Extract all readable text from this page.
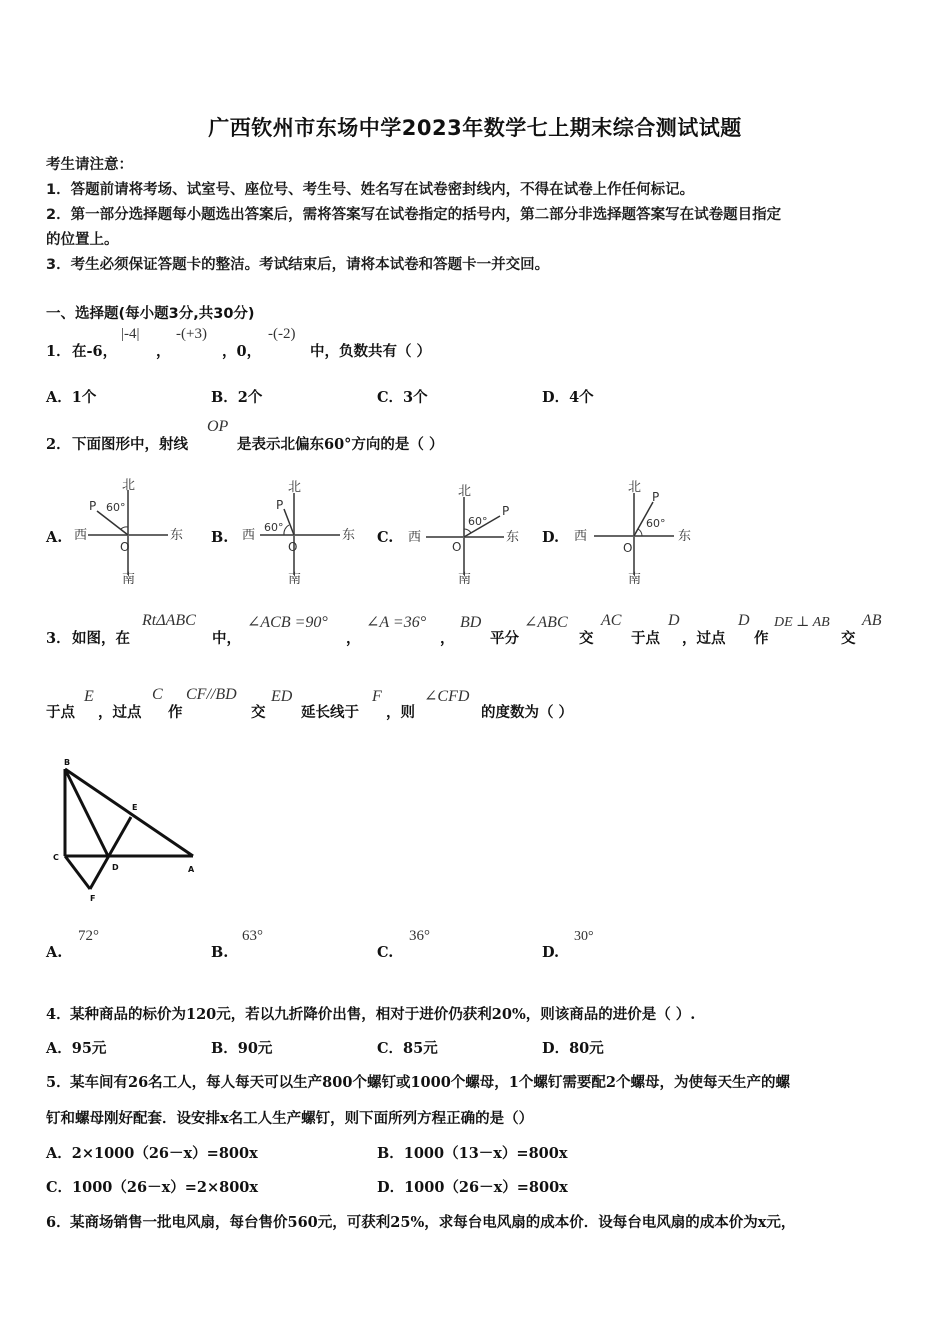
广西钦州市东场中学2023年数学七上期末综合测试试题
考生请注意：
1．答题前请将考场、试室号、座位号、考生号、姓名写在试卷密封线内，不得在试卷上作任何标记。
2．第一部分选择题每小题选出答案后，需将答案写在试卷指定的括号内，第二部分非选择题答案写在试卷题目指定
的位置上。
3．考生必须保证答题卡的整洁。考试结束后，请将本试卷和答题卡一并交回。
一、选择题(每小题3分,共30分)
1． 在-6，
|-4|
，
-(+3)
，0，
-(-2)
中，负数共有（ ）
A．1个	B．2个	C．3个	D．4个
2． 下面图形中，射线
OP
是表示北偏东60°方向的是（ ）
A.
北
南
西	东
O
P 60°
B.
北
南
西	东
O
P
60°
C.
北
南
西	东
O
P
60°
D.
北
南
西	东
O
P
60°
3． 如图，在
RtΔABC
中，
∠ACB =90°
，
∠A =36°
，
BD
平分
∠ABC
交
AC
于点
D
，过点
D
作
DE ⊥ AB
交
AB
于点
E
，过点
C
作
CF//BD
交
ED
延长线于
F
，则
∠CFD
的度数为（ ）
B
E
C
D	A
F
A.
72°
B.
63°
C.
36°
D.
30°
4． 某种商品的标价为120元，若以九折降价出售，相对于进价仍获利20%，则该商品的进价是（ ）.
A．95元	B．90元	C．85元	D．80元
5． 某车间有26名工人，每人每天可以生产800个螺钉或1000个螺母，1个螺钉需要配2个螺母，为使每天生产的螺
钉和螺母刚好配套．设安排x名工人生产螺钉，则下面所列方程正确的是（）
A．2×1000（26－x）=800x	B．1000（13－x）=800x
C．1000（26－x）=2×800x	D．1000（26－x）=800x
6． 某商场销售一批电风扇，每台售价560元，可获利25%，求每台电风扇的成本价．设每台电风扇的成本价为x元，
